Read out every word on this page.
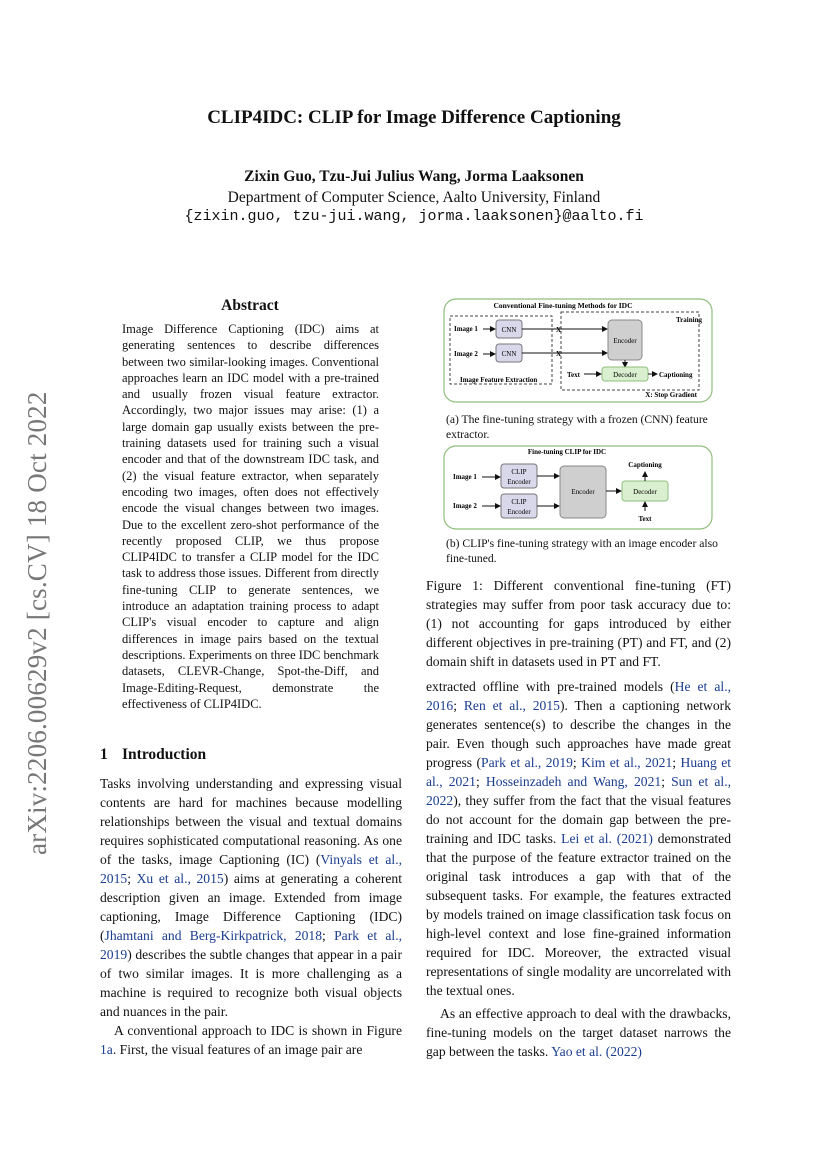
arXiv:2206.00629v2 [cs.CV] 18 Oct 2022
CLIP4IDC: CLIP for Image Difference Captioning
Zixin Guo, Tzu-Jui Julius Wang, Jorma Laaksonen
Department of Computer Science, Aalto University, Finland
{zixin.guo, tzu-jui.wang, jorma.laaksonen}@aalto.fi
Abstract
Image Difference Captioning (IDC) aims at generating sentences to describe differences between two similar-looking images. Conventional approaches learn an IDC model with a pre-trained and usually frozen visual feature extractor. Accordingly, two major issues may arise: (1) a large domain gap usually exists between the pre-training datasets used for training such a visual encoder and that of the downstream IDC task, and (2) the visual feature extractor, when separately encoding two images, often does not effectively encode the visual changes between two images. Due to the excellent zero-shot performance of the recently proposed CLIP, we thus propose CLIP4IDC to transfer a CLIP model for the IDC task to address those issues. Different from directly fine-tuning CLIP to generate sentences, we introduce an adaptation training process to adapt CLIP's visual encoder to capture and align differences in image pairs based on the textual descriptions. Experiments on three IDC benchmark datasets, CLEVR-Change, Spot-the-Diff, and Image-Editing-Request, demonstrate the effectiveness of CLIP4IDC.
1 Introduction

Tasks involving understanding and expressing visual contents are hard for machines because modelling relationships between the visual and textual domains requires sophisticated computational reasoning. As one of the tasks, image Captioning (IC) (Vinyals et al., 2015; Xu et al., 2015) aims at generating a coherent description given an image. Extended from image captioning, Image Difference Captioning (IDC) (Jhamtani and Berg-Kirkpatrick, 2018; Park et al., 2019) describes the subtle changes that appear in a pair of two similar images. It is more challenging as a machine is required to recognize both visual objects and nuances in the pair.

A conventional approach to IDC is shown in Figure 1a. First, the visual features of an image pair are

Conventional Fine-tuning Methods for IDC
Training
Image 1
Image 2
CNN
CNN
X
X
Encoder
Decoder
Text	Captioning
Image Feature Extraction
X: Stop Gradient
(a) The fine-tuning strategy with a frozen (CNN) feature extractor.
Fine-tuning CLIP for IDC
Image 1
Image 2
CLIP
Encoder
CLIP
Encoder
Encoder	Decoder
Captioning
Text
(b) CLIP's fine-tuning strategy with an image encoder also fine-tuned.
Figure 1: Different conventional fine-tuning (FT) strategies may suffer from poor task accuracy due to: (1) not accounting for gaps introduced by either different objectives in pre-training (PT) and FT, and (2) domain shift in datasets used in PT and FT.

extracted offline with pre-trained models (He et al., 2016; Ren et al., 2015). Then a captioning network generates sentence(s) to describe the changes in the pair. Even though such approaches have made great progress (Park et al., 2019; Kim et al., 2021; Huang et al., 2021; Hosseinzadeh and Wang, 2021; Sun et al., 2022), they suffer from the fact that the visual features do not account for the domain gap between the pre-training and IDC tasks. Lei et al. (2021) demonstrated that the purpose of the feature extractor trained on the original task introduces a gap with that of the subsequent tasks. For example, the features extracted by models trained on image classification task focus on high-level context and lose fine-grained information required for IDC. Moreover, the extracted visual representations of single modality are uncorrelated with the textual ones.

As an effective approach to deal with the drawbacks, fine-tuning models on the target dataset narrows the gap between the tasks. Yao et al. (2022)
